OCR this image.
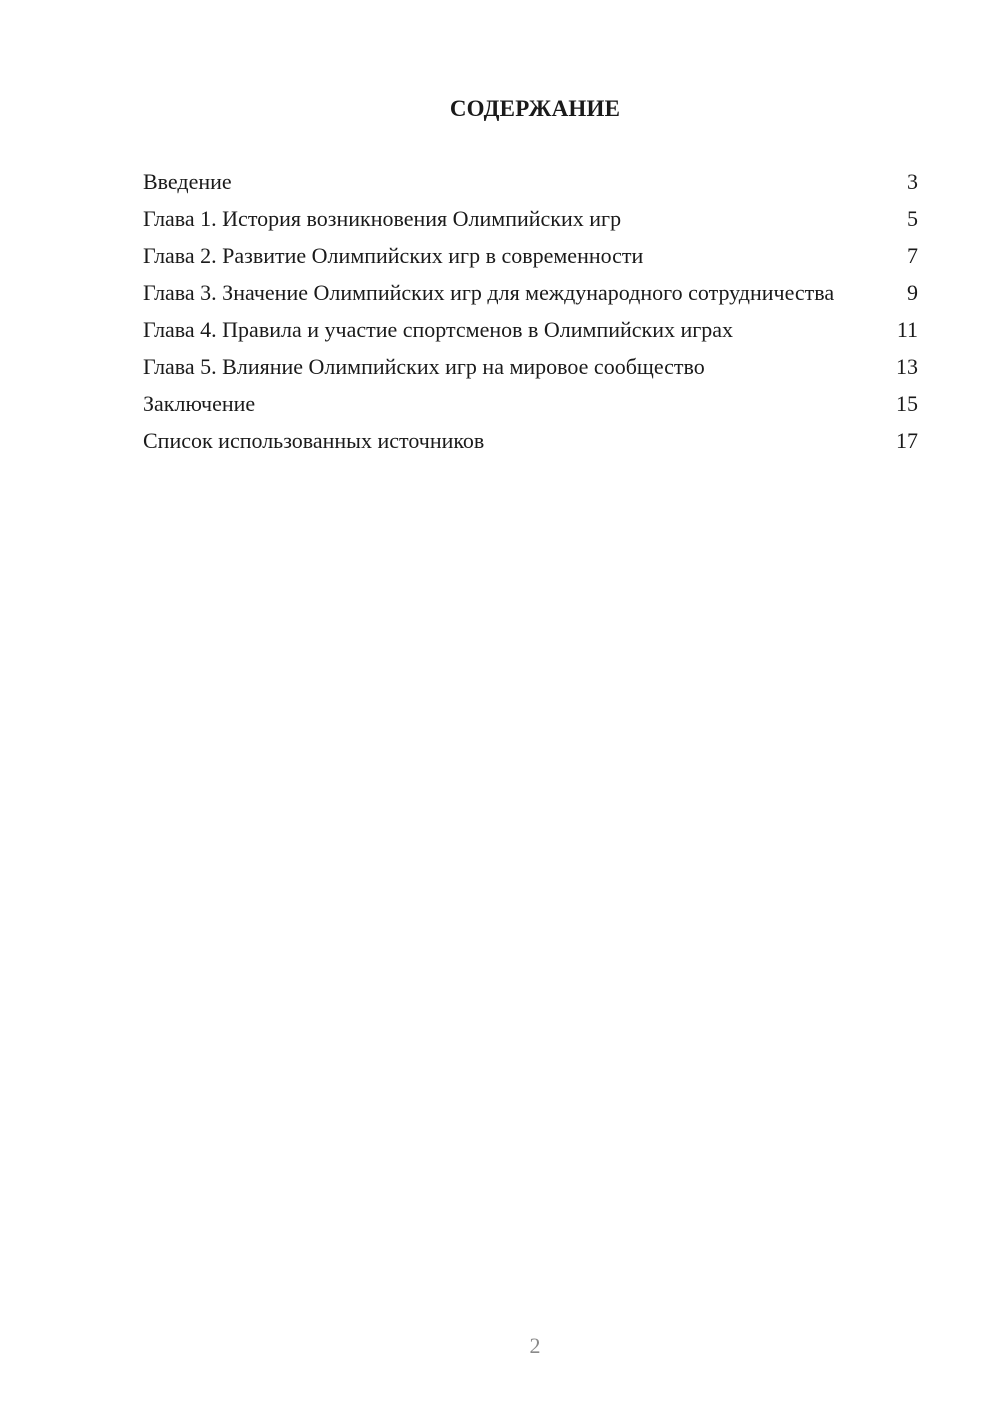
СОДЕРЖАНИЕ
Введение	3
Глава 1. История возникновения Олимпийских игр	5
Глава 2. Развитие Олимпийских игр в современности	7
Глава 3. Значение Олимпийских игр для международного сотрудничества	9
Глава 4. Правила и участие спортсменов в Олимпийских играх	11
Глава 5. Влияние Олимпийских игр на мировое сообщество	13
Заключение	15
Список использованных источников	17
2
